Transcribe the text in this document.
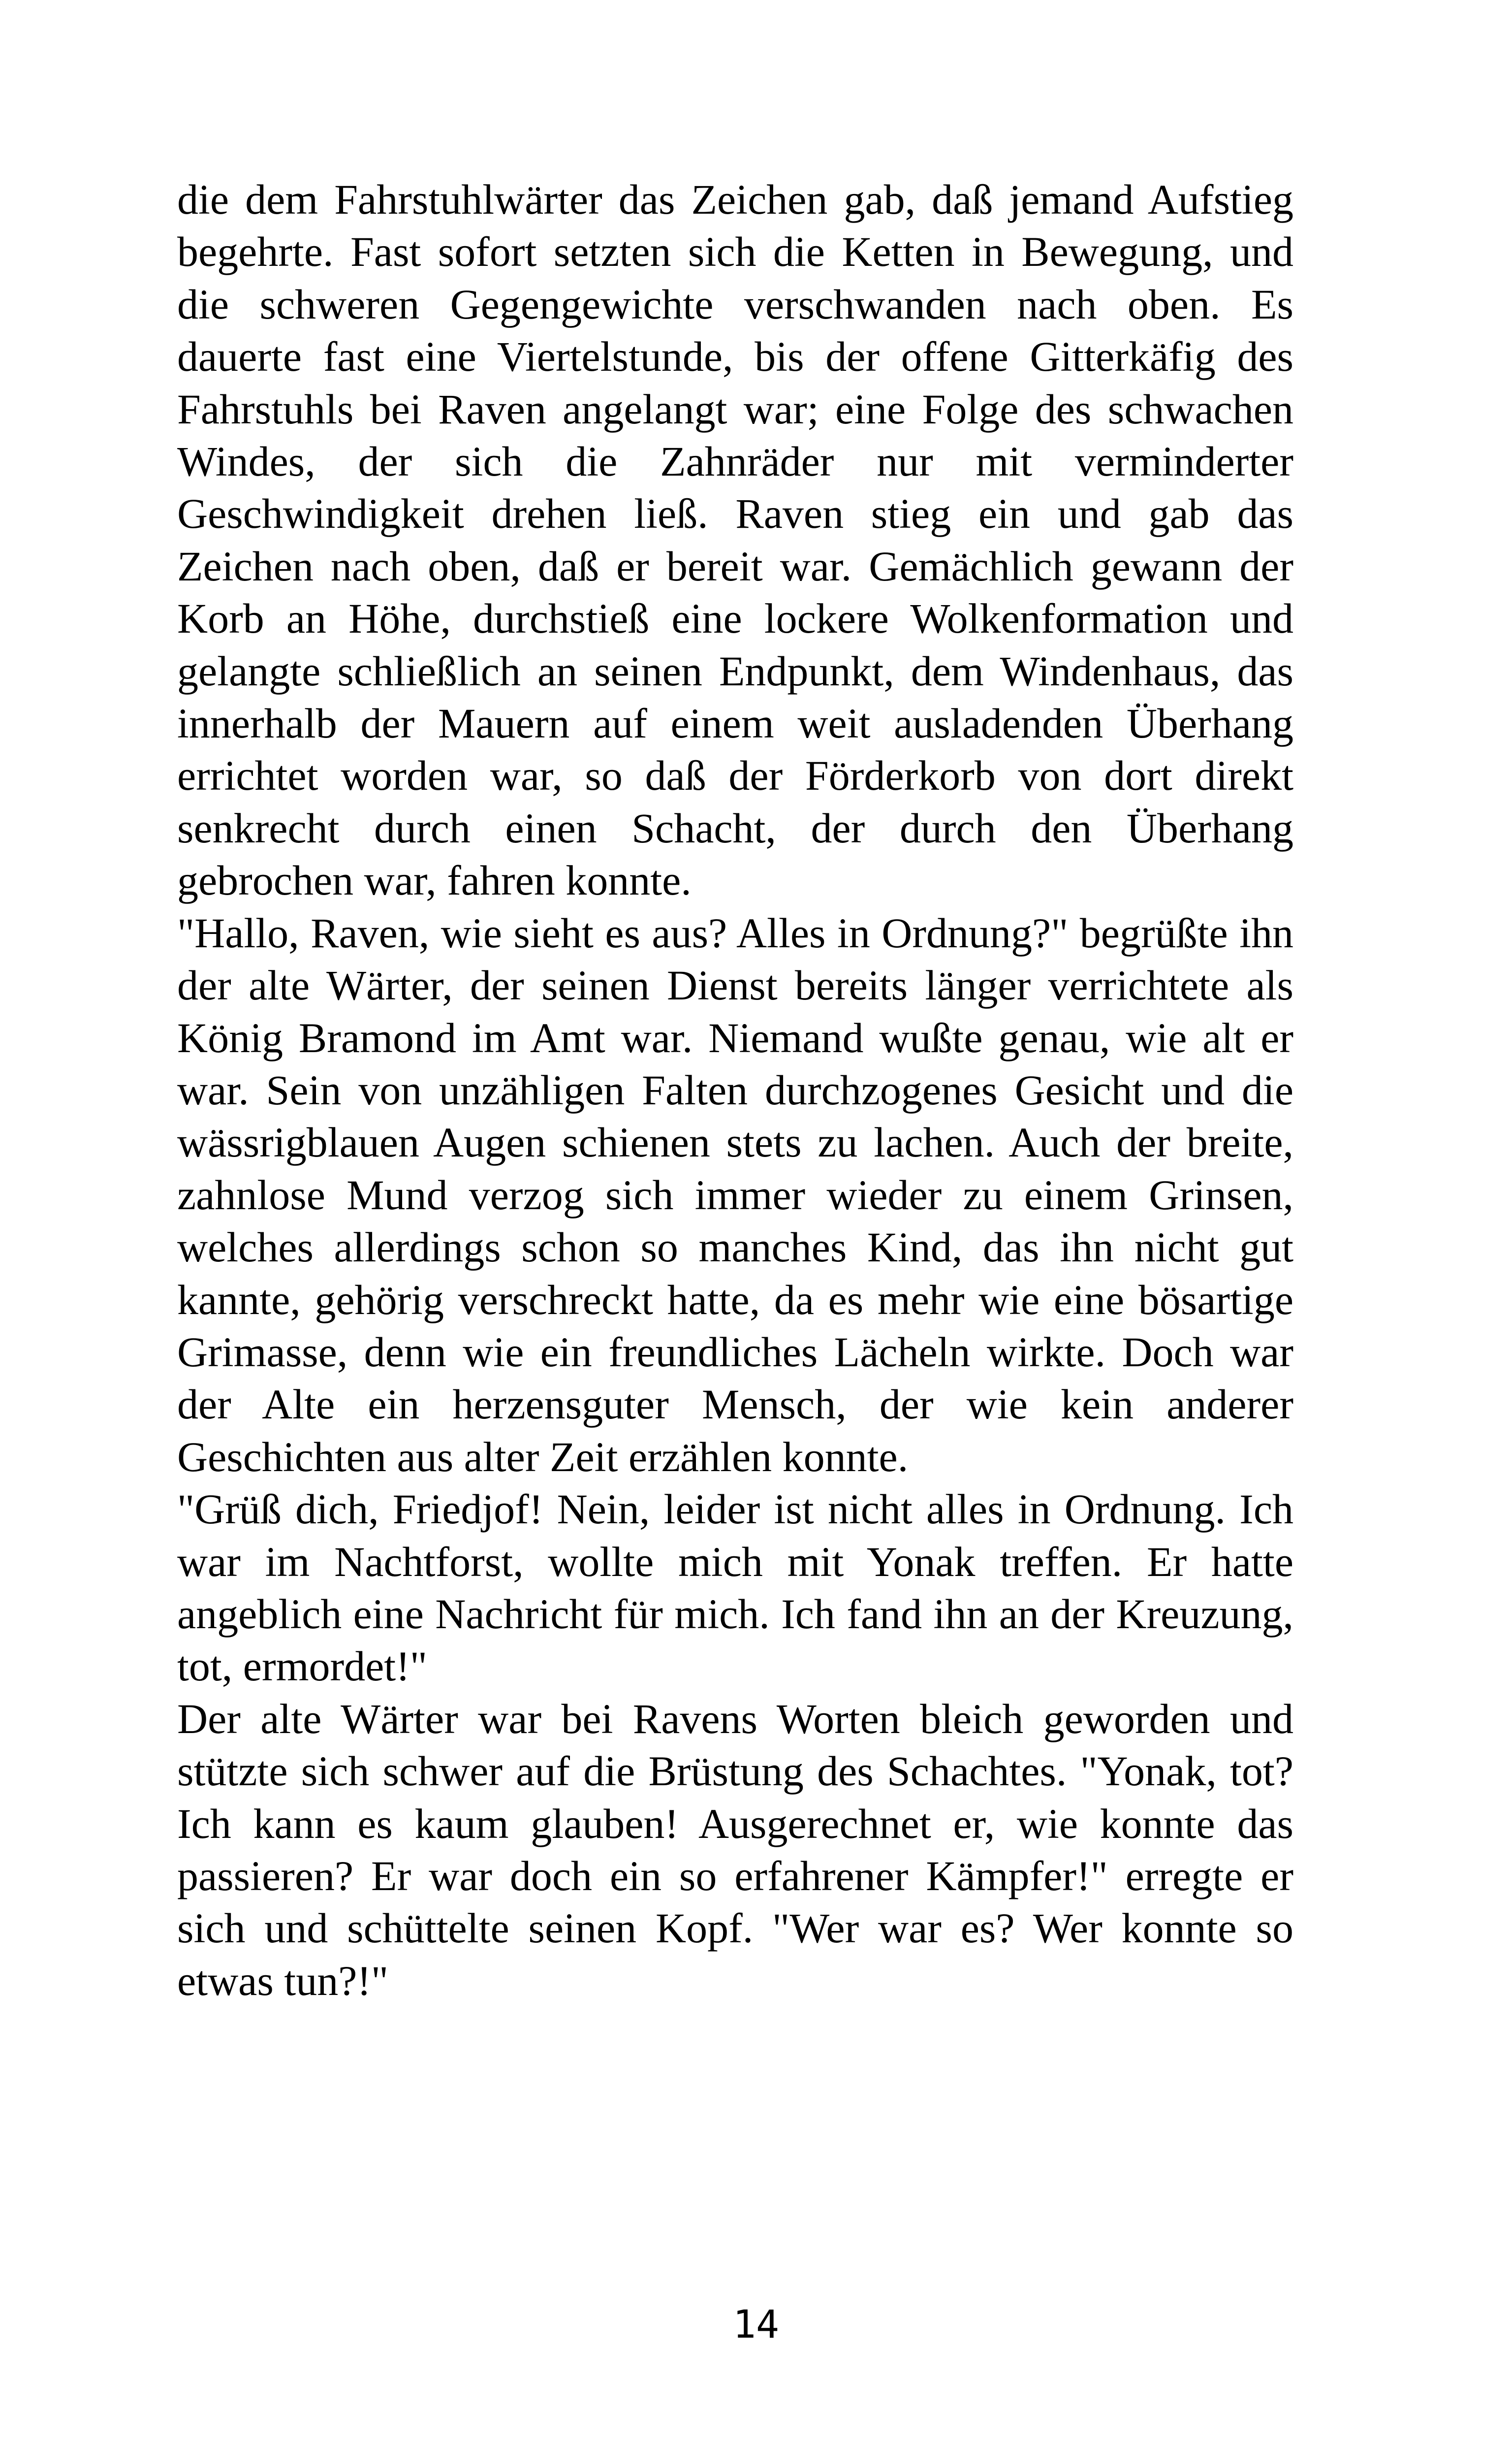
die dem Fahrstuhlwärter das Zeichen gab, daß jemand Aufstieg begehrte. Fast sofort setzten sich die Ketten in Bewegung, und die schweren Gegengewichte verschwanden nach oben. Es dauerte fast eine Viertelstunde, bis der offene Gitterkäfig des Fahrstuhls bei Raven angelangt war; eine Folge des schwachen Windes, der sich die Zahnräder nur mit verminderter Geschwindigkeit drehen ließ. Raven stieg ein und gab das Zeichen nach oben, daß er bereit war. Gemächlich gewann der Korb an Höhe, durchstieß eine lockere Wolkenformation und gelangte schließlich an seinen Endpunkt, dem Windenhaus, das innerhalb der Mauern auf einem weit ausladenden Überhang errichtet worden war, so daß der Förderkorb von dort direkt senkrecht durch einen Schacht, der durch den Überhang gebrochen war, fahren konnte.

"Hallo, Raven, wie sieht es aus? Alles in Ordnung?" begrüßte ihn der alte Wärter, der seinen Dienst bereits länger verrichtete als König Bramond im Amt war. Niemand wußte genau, wie alt er war. Sein von unzähligen Falten durchzogenes Gesicht und die wässrigblauen Augen schienen stets zu lachen. Auch der breite, zahnlose Mund verzog sich immer wieder zu einem Grinsen, welches allerdings schon so manches Kind, das ihn nicht gut kannte, gehörig verschreckt hatte, da es mehr wie eine bösartige Grimasse, denn wie ein freundliches Lächeln wirkte. Doch war der Alte ein herzensguter Mensch, der wie kein anderer Geschichten aus alter Zeit erzählen konnte.

"Grüß dich, Friedjof! Nein, leider ist nicht alles in Ordnung. Ich war im Nachtforst, wollte mich mit Yonak treffen. Er hatte angeblich eine Nachricht für mich. Ich fand ihn an der Kreuzung, tot, ermordet!"

Der alte Wärter war bei Ravens Worten bleich geworden und stützte sich schwer auf die Brüstung des Schachtes. "Yonak, tot? Ich kann es kaum glauben! Ausgerechnet er, wie konnte das passieren? Er war doch ein so erfahrener Kämpfer!" erregte er sich und schüttelte seinen Kopf. "Wer war es? Wer konnte so etwas tun?!"

14
